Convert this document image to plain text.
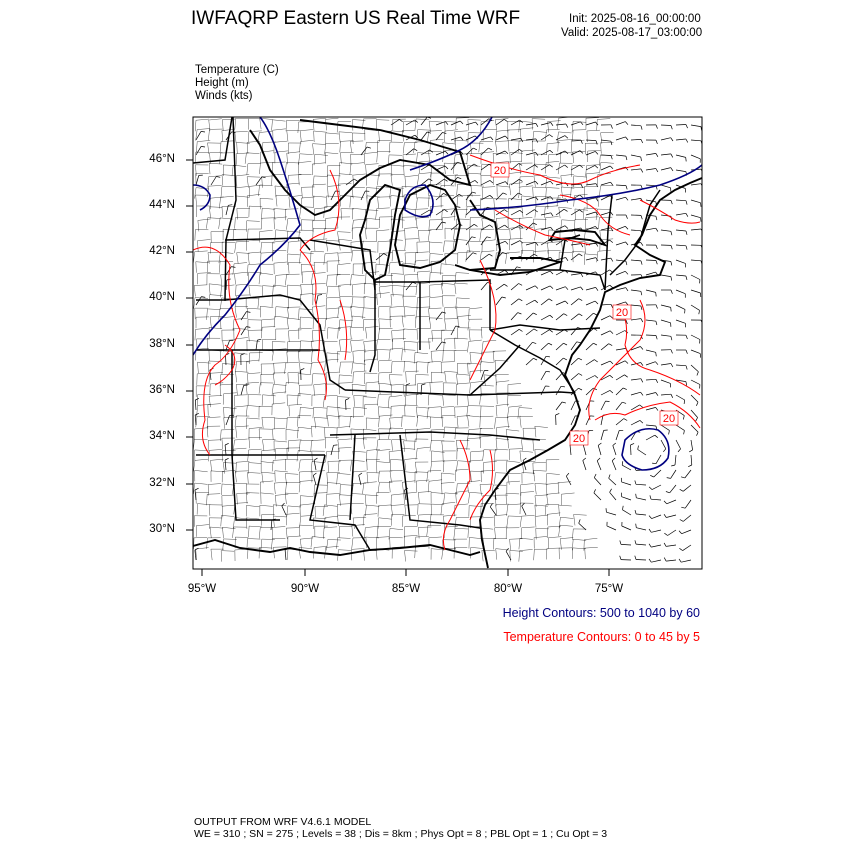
IWFAQRP Eastern US Real Time WRF	Init: 2025-08-16_00:00:00
Valid: 2025-08-17_03:00:00
Temperature (C)
Height (m)
Winds (kts)
20
20
20
20
46°N
44°N
42°N
40°N
38°N
36°N
34°N
32°N
30°N
95°W	90°W	85°W	80°W	75°W
Height Contours: 500 to 1040 by 60
Temperature Contours: 0 to 45 by 5
OUTPUT FROM WRF V4.6.1 MODEL
WE = 310 ; SN = 275 ; Levels = 38 ; Dis = 8km ; Phys Opt = 8 ; PBL Opt = 1 ; Cu Opt = 3
